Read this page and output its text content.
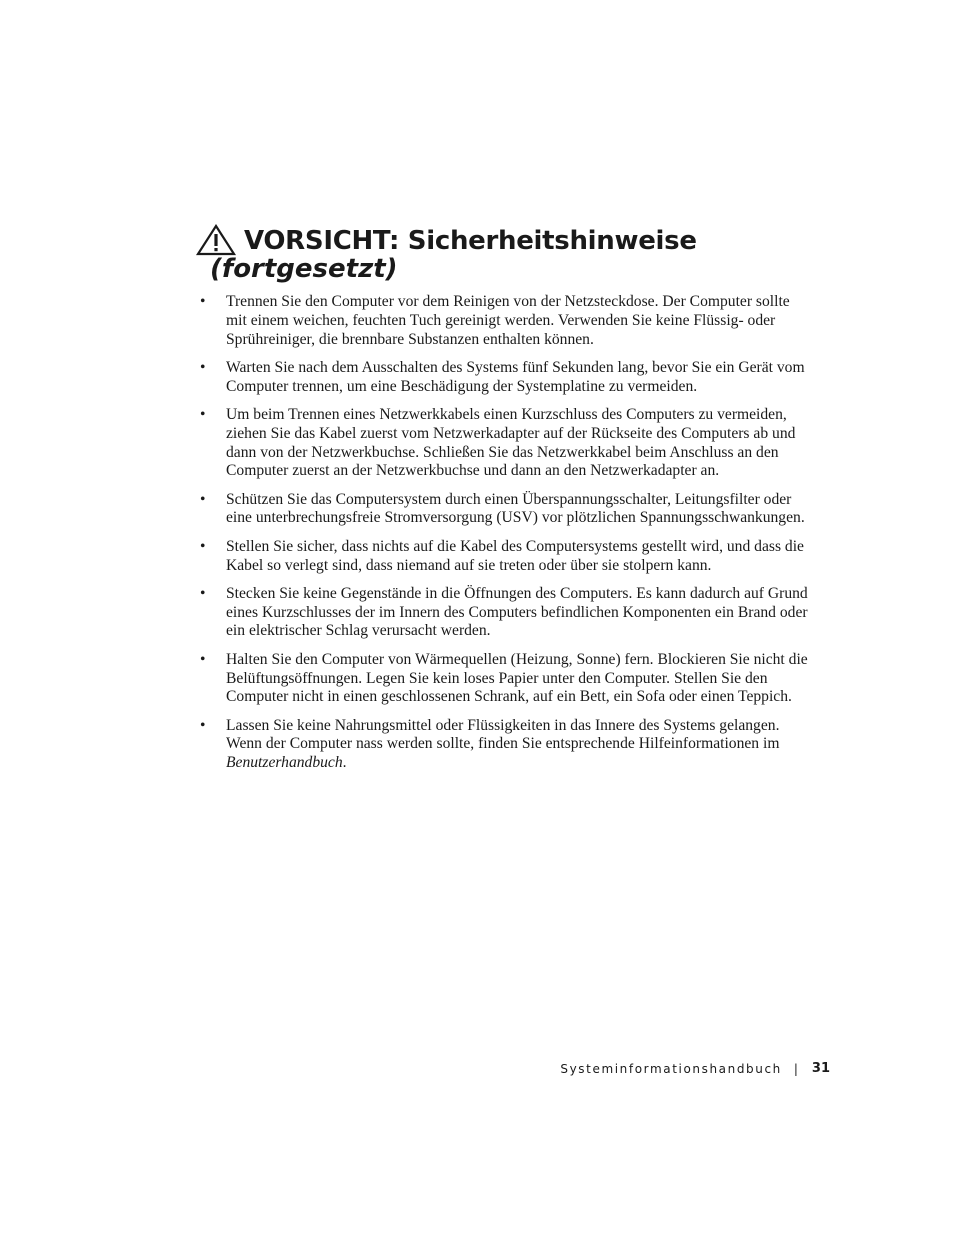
VORSICHT: Sicherheitshinweise
(fortgesetzt)
• Trennen Sie den Computer vor dem Reinigen von der Netzsteckdose. Der Computer sollte mit einem weichen, feuchten Tuch gereinigt werden. Verwenden Sie keine Flüssig- oder Sprühreiniger, die brennbare Substanzen enthalten können.
• Warten Sie nach dem Ausschalten des Systems fünf Sekunden lang, bevor Sie ein Gerät vom Computer trennen, um eine Beschädigung der Systemplatine zu vermeiden.
• Um beim Trennen eines Netzwerkkabels einen Kurzschluss des Computers zu vermeiden, ziehen Sie das Kabel zuerst vom Netzwerkadapter auf der Rückseite des Computers ab und dann von der Netzwerkbuchse. Schließen Sie das Netzwerkkabel beim Anschluss an den Computer zuerst an der Netzwerkbuchse und dann an den Netzwerkadapter an.
• Schützen Sie das Computersystem durch einen Überspannungsschalter, Leitungsfilter oder eine unterbrechungsfreie Stromversorgung (USV) vor plötzlichen Spannungsschwankungen.
• Stellen Sie sicher, dass nichts auf die Kabel des Computersystems gestellt wird, und dass die Kabel so verlegt sind, dass niemand auf sie treten oder über sie stolpern kann.
• Stecken Sie keine Gegenstände in die Öffnungen des Computers. Es kann dadurch auf Grund eines Kurzschlusses der im Innern des Computers befindlichen Komponenten ein Brand oder ein elektrischer Schlag verursacht werden.
• Halten Sie den Computer von Wärmequellen (Heizung, Sonne) fern. Blockieren Sie nicht die Belüftungsöffnungen. Legen Sie kein loses Papier unter den Computer. Stellen Sie den Computer nicht in einen geschlossenen Schrank, auf ein Bett, ein Sofa oder einen Teppich.
• Lassen Sie keine Nahrungsmittel oder Flüssigkeiten in das Innere des Systems gelangen. Wenn der Computer nass werden sollte, finden Sie entsprechende Hilfeinformationen im Benutzerhandbuch.
Systeminformationshandbuch | 31
